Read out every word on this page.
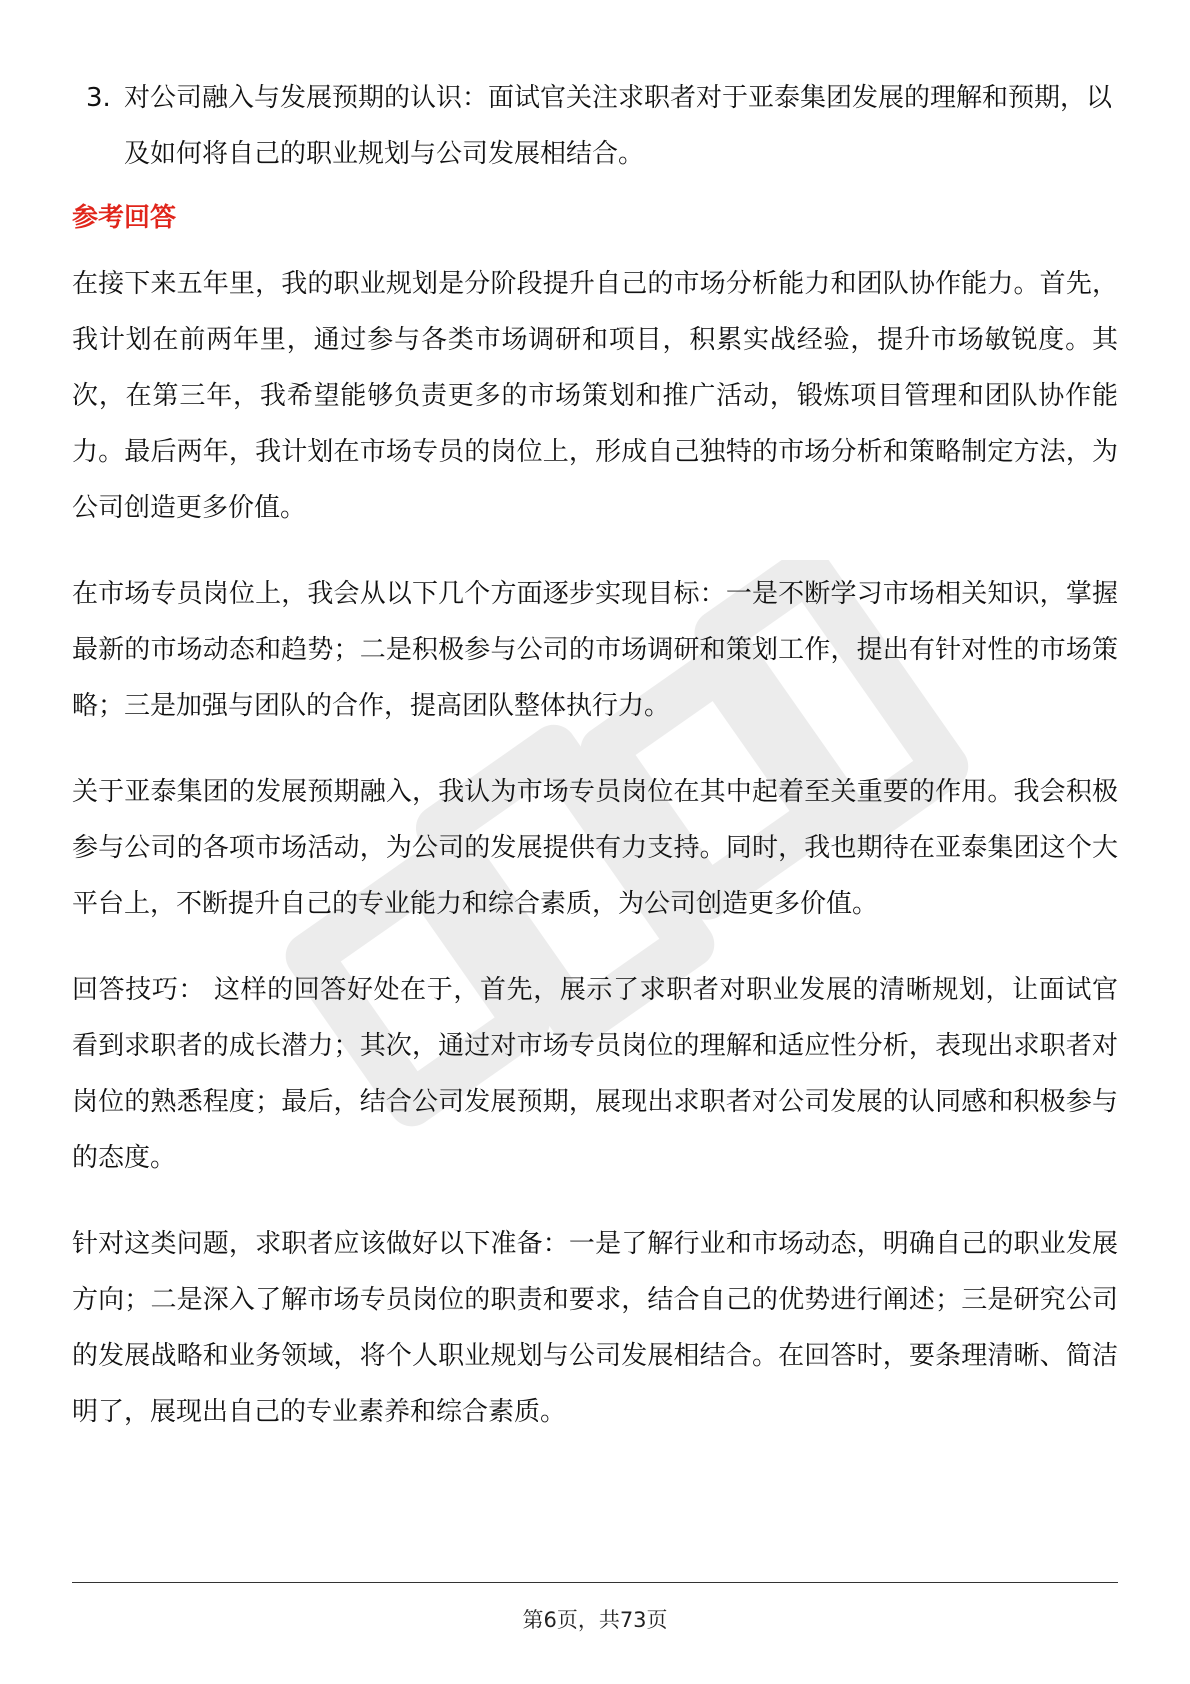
3. 对公司融入与发展预期的认识：面试官关注求职者对于亚泰集团发展的理解和预期，以及如何将自己的职业规划与公司发展相结合。
参考回答

在接下来五年里，我的职业规划是分阶段提升自己的市场分析能力和团队协作能力。首先，我计划在前两年里，通过参与各类市场调研和项目，积累实战经验，提升市场敏锐度。其次，在第三年，我希望能够负责更多的市场策划和推广活动，锻炼项目管理和团队协作能力。最后两年，我计划在市场专员的岗位上，形成自己独特的市场分析和策略制定方法，为公司创造更多价值。

在市场专员岗位上，我会从以下几个方面逐步实现目标：一是不断学习市场相关知识，掌握最新的市场动态和趋势；二是积极参与公司的市场调研和策划工作，提出有针对性的市场策略；三是加强与团队的合作，提高团队整体执行力。

关于亚泰集团的发展预期融入，我认为市场专员岗位在其中起着至关重要的作用。我会积极参与公司的各项市场活动，为公司的发展提供有力支持。同时，我也期待在亚泰集团这个大平台上，不断提升自己的专业能力和综合素质，为公司创造更多价值。

回答技巧： 这样的回答好处在于，首先，展示了求职者对职业发展的清晰规划，让面试官看到求职者的成长潜力；其次，通过对市场专员岗位的理解和适应性分析，表现出求职者对岗位的熟悉程度；最后，结合公司发展预期，展现出求职者对公司发展的认同感和积极参与的态度。

针对这类问题，求职者应该做好以下准备：一是了解行业和市场动态，明确自己的职业发展方向；二是深入了解市场专员岗位的职责和要求，结合自己的优势进行阐述；三是研究公司的发展战略和业务领域，将个人职业规划与公司发展相结合。在回答时，要条理清晰、简洁明了，展现出自己的专业素养和综合素质。

第6页，共73页
